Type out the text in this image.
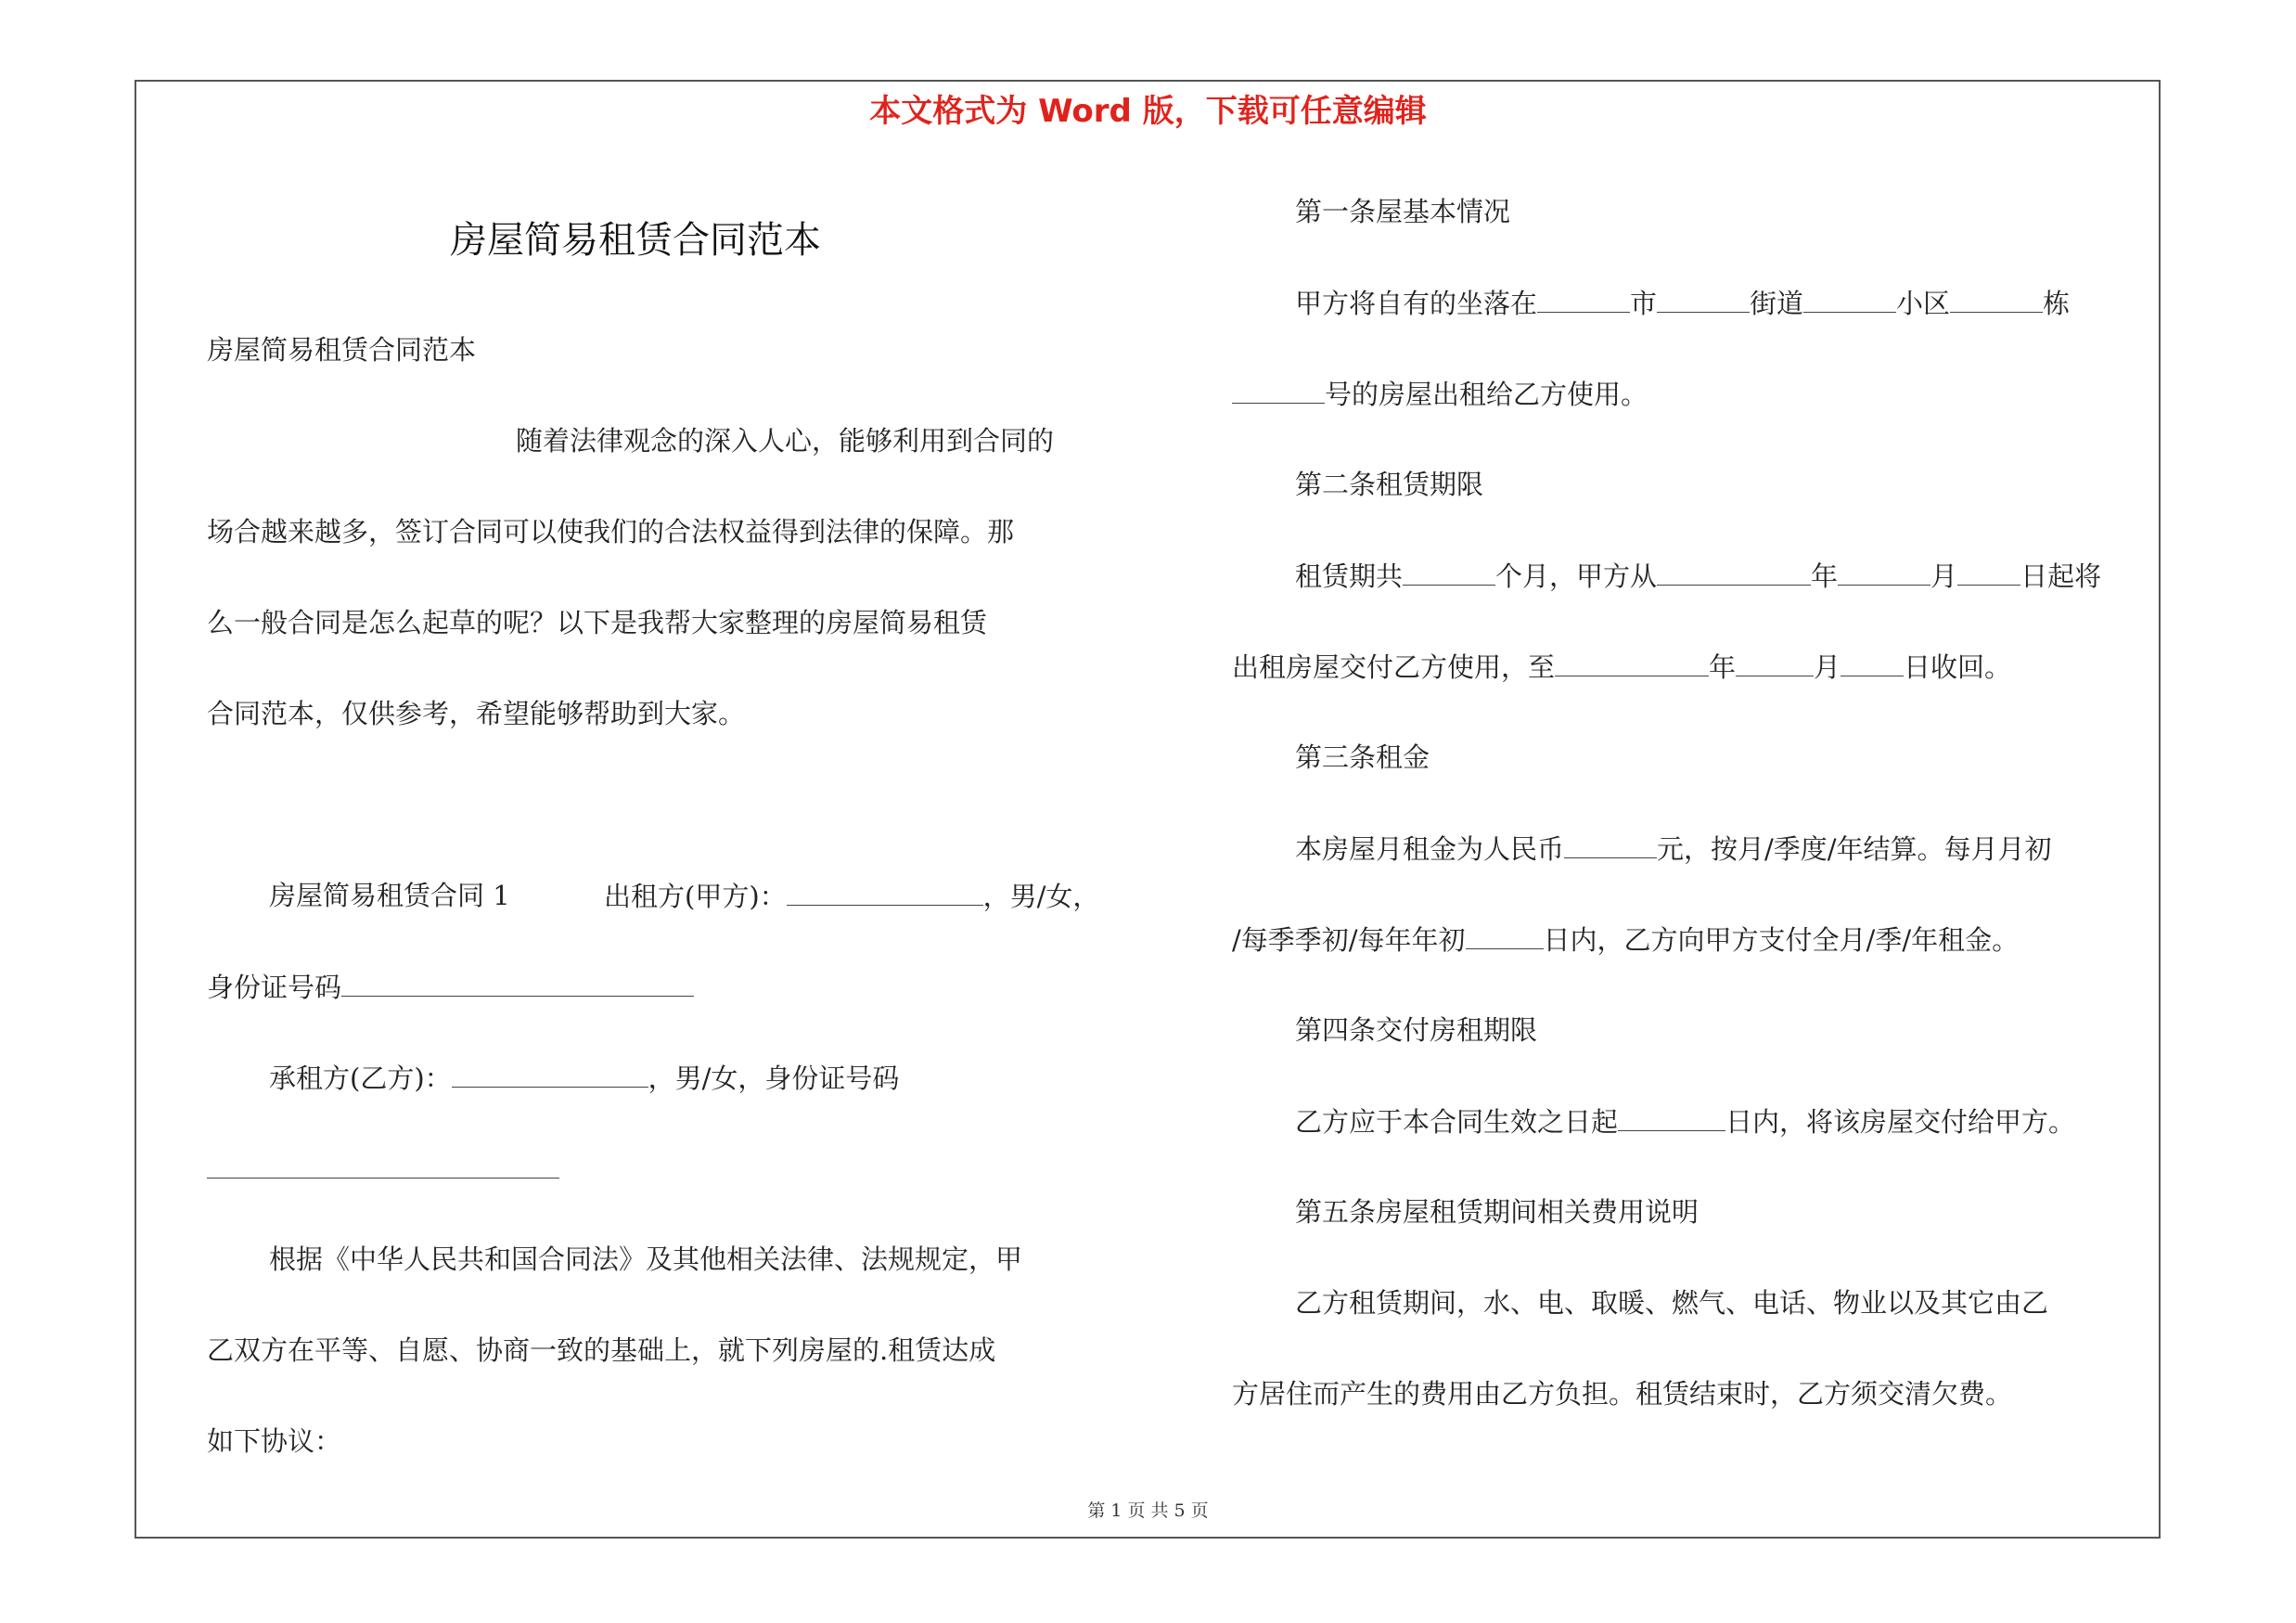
本文格式为 Word 版，下载可任意编辑
房屋简易租赁合同范本
房屋简易租赁合同范本
随着法律观念的深入人心，能够利用到合同的
场合越来越多，签订合同可以使我们的合法权益得到法律的保障。那
么一般合同是怎么起草的呢？以下是我帮大家整理的房屋简易租赁
合同范本，仅供参考，希望能够帮助到大家。
房屋简易租赁合同 1	出租方(甲方)：	，男/女，
身份证号码
承租方(乙方)：	，男/女，身份证号码
根据《中华人民共和国合同法》及其他相关法律、法规规定，甲
乙双方在平等、自愿、协商一致的基础上，就下列房屋的.租赁达成
如下协议：
第一条屋基本情况
甲方将自有的坐落在	市	街道	小区	栋
号的房屋出租给乙方使用。
第二条租赁期限
租赁期共	个月，甲方从	年	月 日起将
出租房屋交付乙方使用，至	年	月 日收回。
第三条租金
本房屋月租金为人民币	元，按月/季度/年结算。每月月初
/每季季初/每年年初	日内，乙方向甲方支付全月/季/年租金。
第四条交付房租期限
乙方应于本合同生效之日起	日内，将该房屋交付给甲方。
第五条房屋租赁期间相关费用说明
乙方租赁期间，水、电、取暖、燃气、电话、物业以及其它由乙
方居住而产生的费用由乙方负担。租赁结束时，乙方须交清欠费。
第 1 页 共 5 页
